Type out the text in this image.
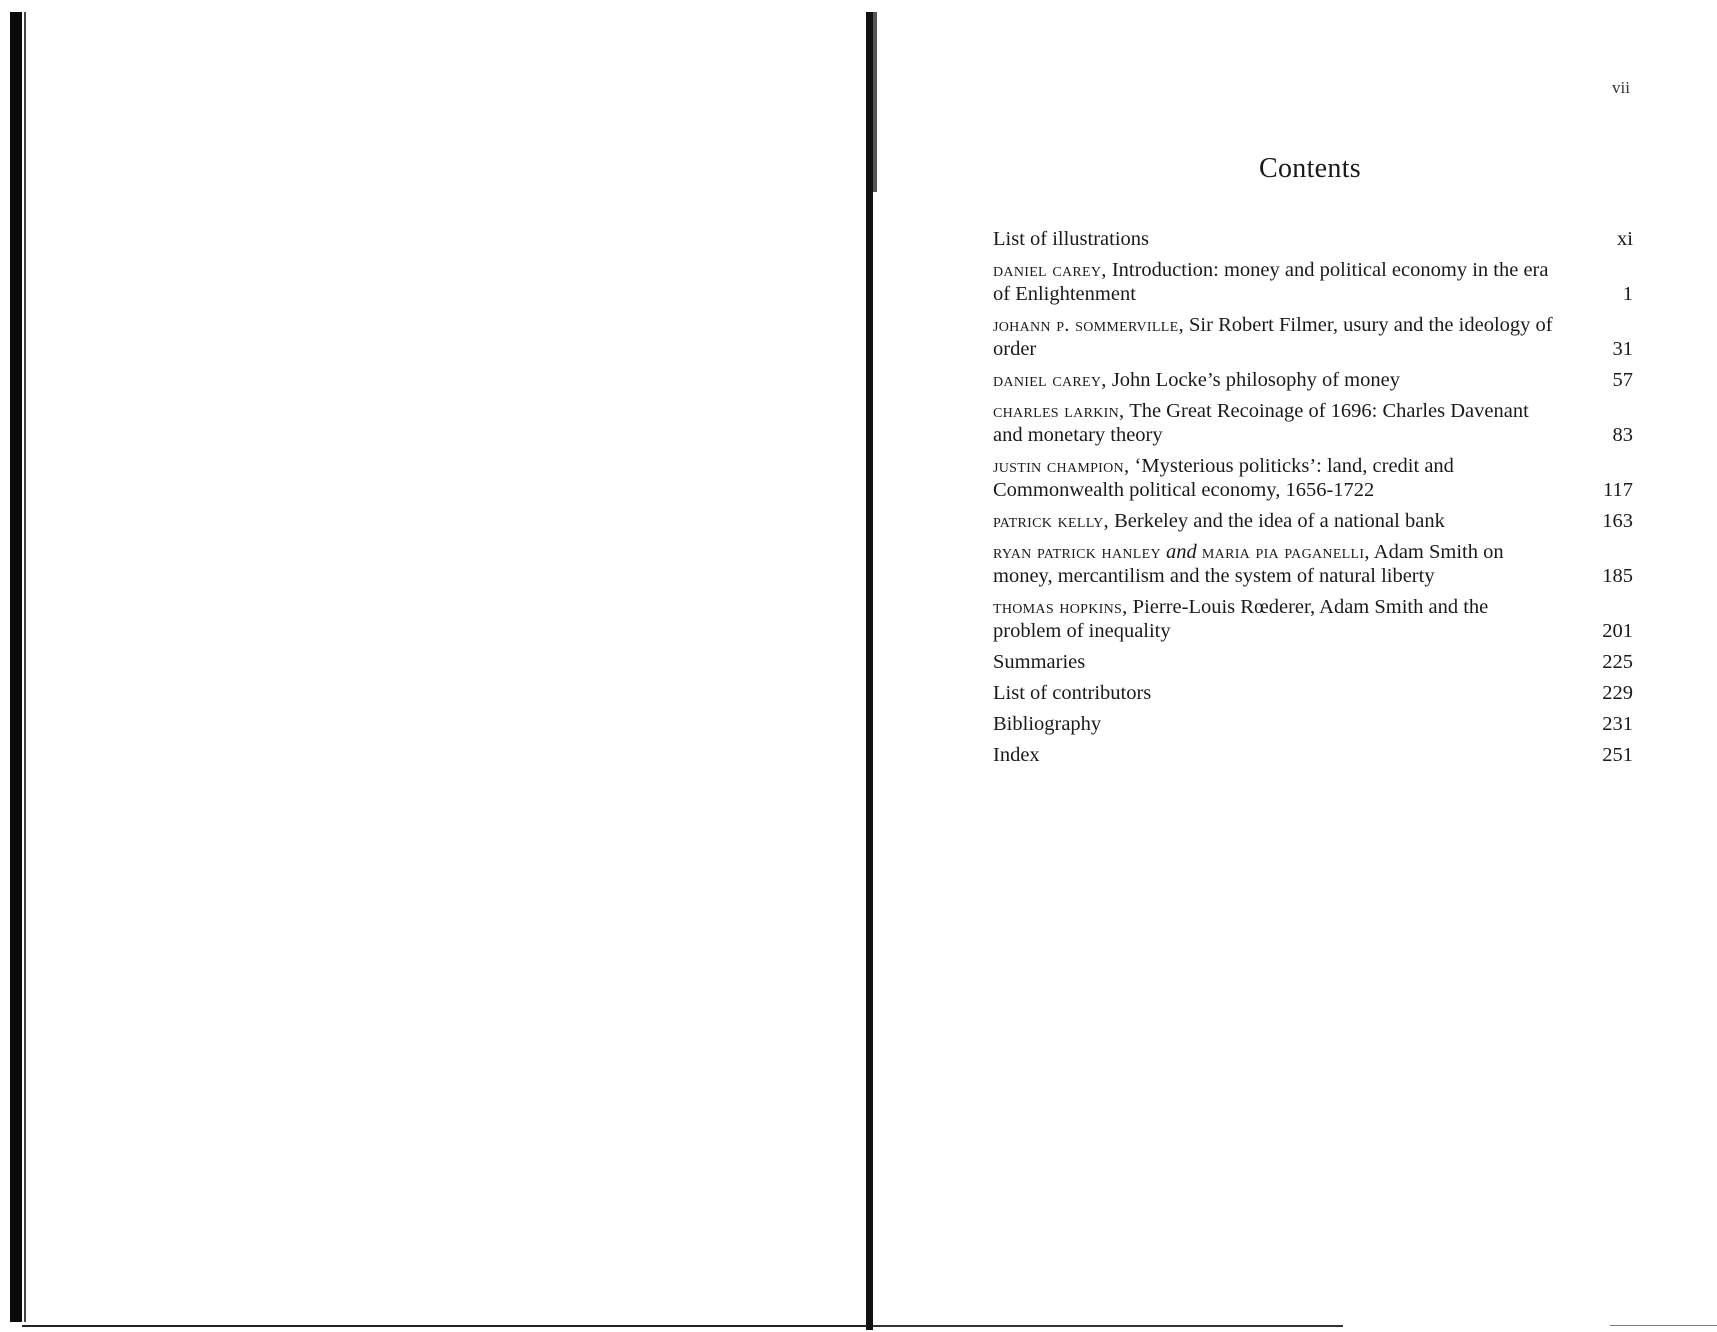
vii
Contents
List of illustrations	xi
daniel carey, Introduction: money and political economy in the era of Enlightenment	1
johann p. sommerville, Sir Robert Filmer, usury and the ideology of order	31
daniel carey, John Locke’s philosophy of money	57
charles larkin, The Great Recoinage of 1696: Charles Davenant and monetary theory	83
justin champion, ‘Mysterious politicks’: land, credit and Commonwealth political economy, 1656-1722	117
patrick kelly, Berkeley and the idea of a national bank	163
ryan patrick hanley and maria pia paganelli, Adam Smith on money, mercantilism and the system of natural liberty	185
thomas hopkins, Pierre-Louis Rœderer, Adam Smith and the problem of inequality	201
Summaries	225
List of contributors	229
Bibliography	231
Index	251
